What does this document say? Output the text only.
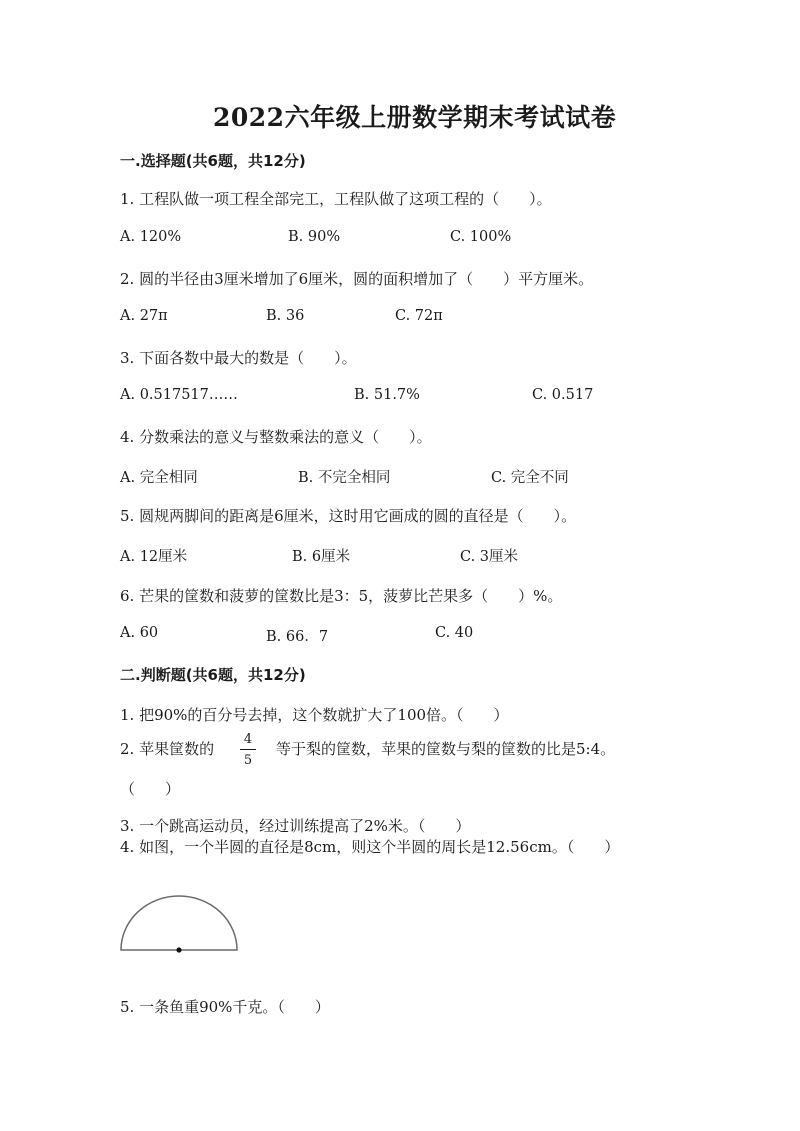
2022六年级上册数学期末考试试卷
一.选择题(共6题，共12分)
1. 工程队做一项工程全部完工，工程队做了这项工程的（　　）。
A. 120%	B. 90%	C. 100%
2. 圆的半径由3厘米增加了6厘米，圆的面积增加了（　　）平方厘米。
A. 27π	B. 36	C. 72π
3. 下面各数中最大的数是（　　）。
A. 0.517517……	B. 51.7%	C. 0.517
4. 分数乘法的意义与整数乘法的意义（　　）。
A. 完全相同	B. 不完全相同	C. 完全不同
5. 圆规两脚间的距离是6厘米，这时用它画成的圆的直径是（　　）。
A. 12厘米	B. 6厘米	C. 3厘米
6. 芒果的筐数和菠萝的筐数比是3：5，菠萝比芒果多（　　）%。
A. 60	B. 66．7	C. 40
二.判断题(共6题，共12分)
1. 把90%的百分号去掉，这个数就扩大了100倍。（　　）
2. 苹果筐数的 $\frac{4}{5}$ 等于梨的筐数，苹果的筐数与梨的筐数的比是5:4。
（　　）
3. 一个跳高运动员，经过训练提高了2%米。（　　）
4. 如图，一个半圆的直径是8cm，则这个半圆的周长是12.56cm。（　　）
5. 一条鱼重90%千克。（　　）
